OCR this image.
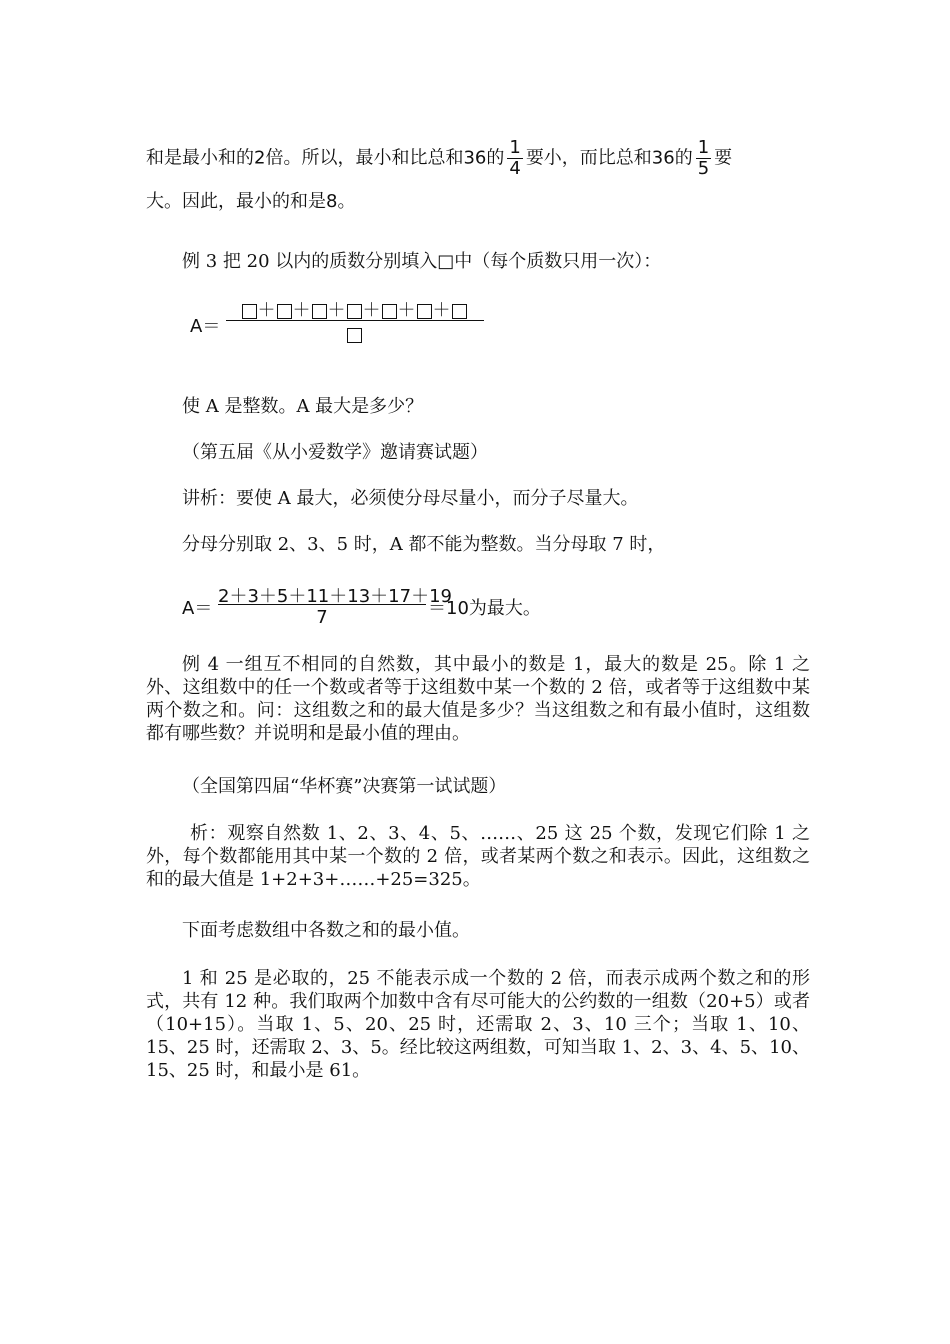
和是最小和的2倍。所以，最小和比总和36的 $\frac{1}{4}$ 要小，而比总和36的 $\frac{1}{5}$ 要
大。因此，最小的和是8。
例 3 把 20 以内的质数分别填入□中（每个质数只用一次）：
A＝
＋ ＋ ＋ ＋ ＋ ＋
使 A 是整数。A 最大是多少？
（第五届《从小爱数学》邀请赛试题）
讲析：要使 A 最大，必须使分母尽量小，而分子尽量大。
分母分别取 2、3、5 时，A 都不能为整数。当分母取 7 时，
A＝
2＋3＋5＋11＋13＋17＋19
7	＝10为最大。
例 4 一组互不相同的自然数，其中最小的数是 1，最大的数是 25。除 1 之外、这组数中的任一个数或者等于这组数中某一个数的 2 倍，或者等于这组数中某两个数之和。问：这组数之和的最大值是多少？当这组数之和有最小值时，这组数都有哪些数？并说明和是最小值的理由。
（全国第四届“华杯赛”决赛第一试试题）
析：观察自然数 1、2、3、4、5、……、25 这 25 个数，发现它们除 1 之外，每个数都能用其中某一个数的 2 倍，或者某两个数之和表示。因此，这组数之和的最大值是 1+2+3+……+25=325。
下面考虑数组中各数之和的最小值。
1 和 25 是必取的，25 不能表示成一个数的 2 倍，而表示成两个数之和的形式，共有 12 种。我们取两个加数中含有尽可能大的公约数的一组数（20+5）或者（10+15）。当取 1、5、20、25 时，还需取 2、3、10 三个；当取 1、10、15、25 时，还需取 2、3、5。经比较这两组数，可知当取 1、2、3、4、5、10、15、25 时，和最小是 61。
